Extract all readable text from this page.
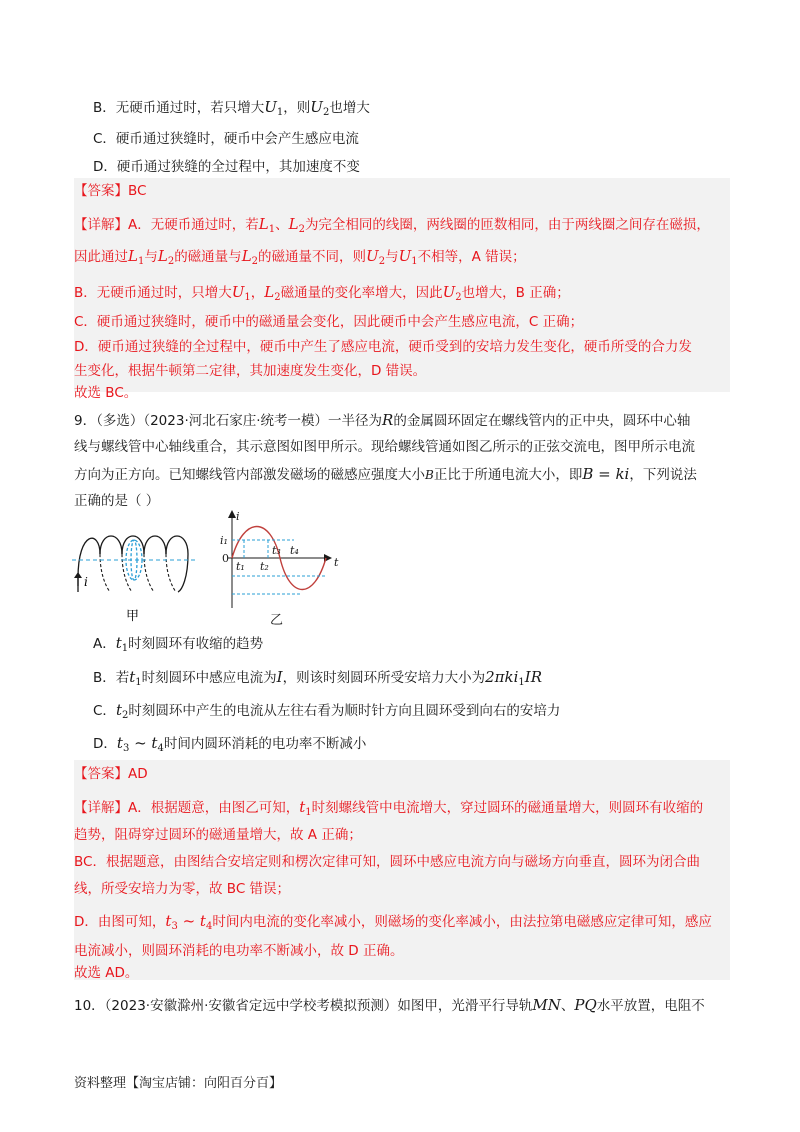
B．无硬币通过时，若只增大$U_1$，则$U_2$也增大
C．硬币通过狭缝时，硬币中会产生感应电流
D．硬币通过狭缝的全过程中，其加速度不变
【答案】BC
【详解】A．无硬币通过时，若$L_1$、$L_2$为完全相同的线圈，两线圈的匝数相同，由于两线圈之间存在磁损，
因此通过$L_1$与$L_2$的磁通量与$L_2$的磁通量不同，则$U_2$与$U_1$不相等，A 错误；
B．无硬币通过时，只增大$U_1$，$L_2$磁通量的变化率增大，因此$U_2$也增大，B 正确；
C．硬币通过狭缝时，硬币中的磁通量会变化，因此硬币中会产生感应电流，C 正确；
D．硬币通过狭缝的全过程中，硬币中产生了感应电流，硬币受到的安培力发生变化，硬币所受的合力发
生变化，根据牛顿第二定律，其加速度发生变化，D 错误。
故选 BC。
9．（多选）（2023·河北石家庄·统考一模）一半径为R的金属圆环固定在螺线管内的正中央，圆环中心轴
线与螺线管中心轴线重合，其示意图如图甲所示。现给螺线管通如图乙所示的正弦交流电，图甲所示电流
方向为正方向。已知螺线管内部激发磁场的磁感应强度大小B正比于所通电流大小，即B = ki，下列说法
正确的是（ ）
i
甲
i
i₁
0
t₁ t₂
t₃ t₄
t
乙
A．$t_1$时刻圆环有收缩的趋势
B．若$t_1$时刻圆环中感应电流为I，则该时刻圆环所受安培力大小为2πki$_1$IR
C．$t_2$时刻圆环中产生的电流从左往右看为顺时针方向且圆环受到向右的安培力
D．$t_3$ ~ $t_4$时间内圆环消耗的电功率不断减小
【答案】AD
【详解】A．根据题意，由图乙可知，$t_1$时刻螺线管中电流增大，穿过圆环的磁通量增大，则圆环有收缩的
趋势，阻碍穿过圆环的磁通量增大，故 A 正确；
BC．根据题意，由图结合安培定则和楞次定律可知，圆环中感应电流方向与磁场方向垂直，圆环为闭合曲
线，所受安培力为零，故 BC 错误；
D．由图可知，$t_3$ ~ $t_4$时间内电流的变化率减小，则磁场的变化率减小，由法拉第电磁感应定律可知，感应
电流减小，则圆环消耗的电功率不断减小，故 D 正确。
故选 AD。
10．（2023·安徽滁州·安徽省定远中学校考模拟预测）如图甲，光滑平行导轨MN、PQ水平放置，电阻不
资料整理【淘宝店铺：向阳百分百】
